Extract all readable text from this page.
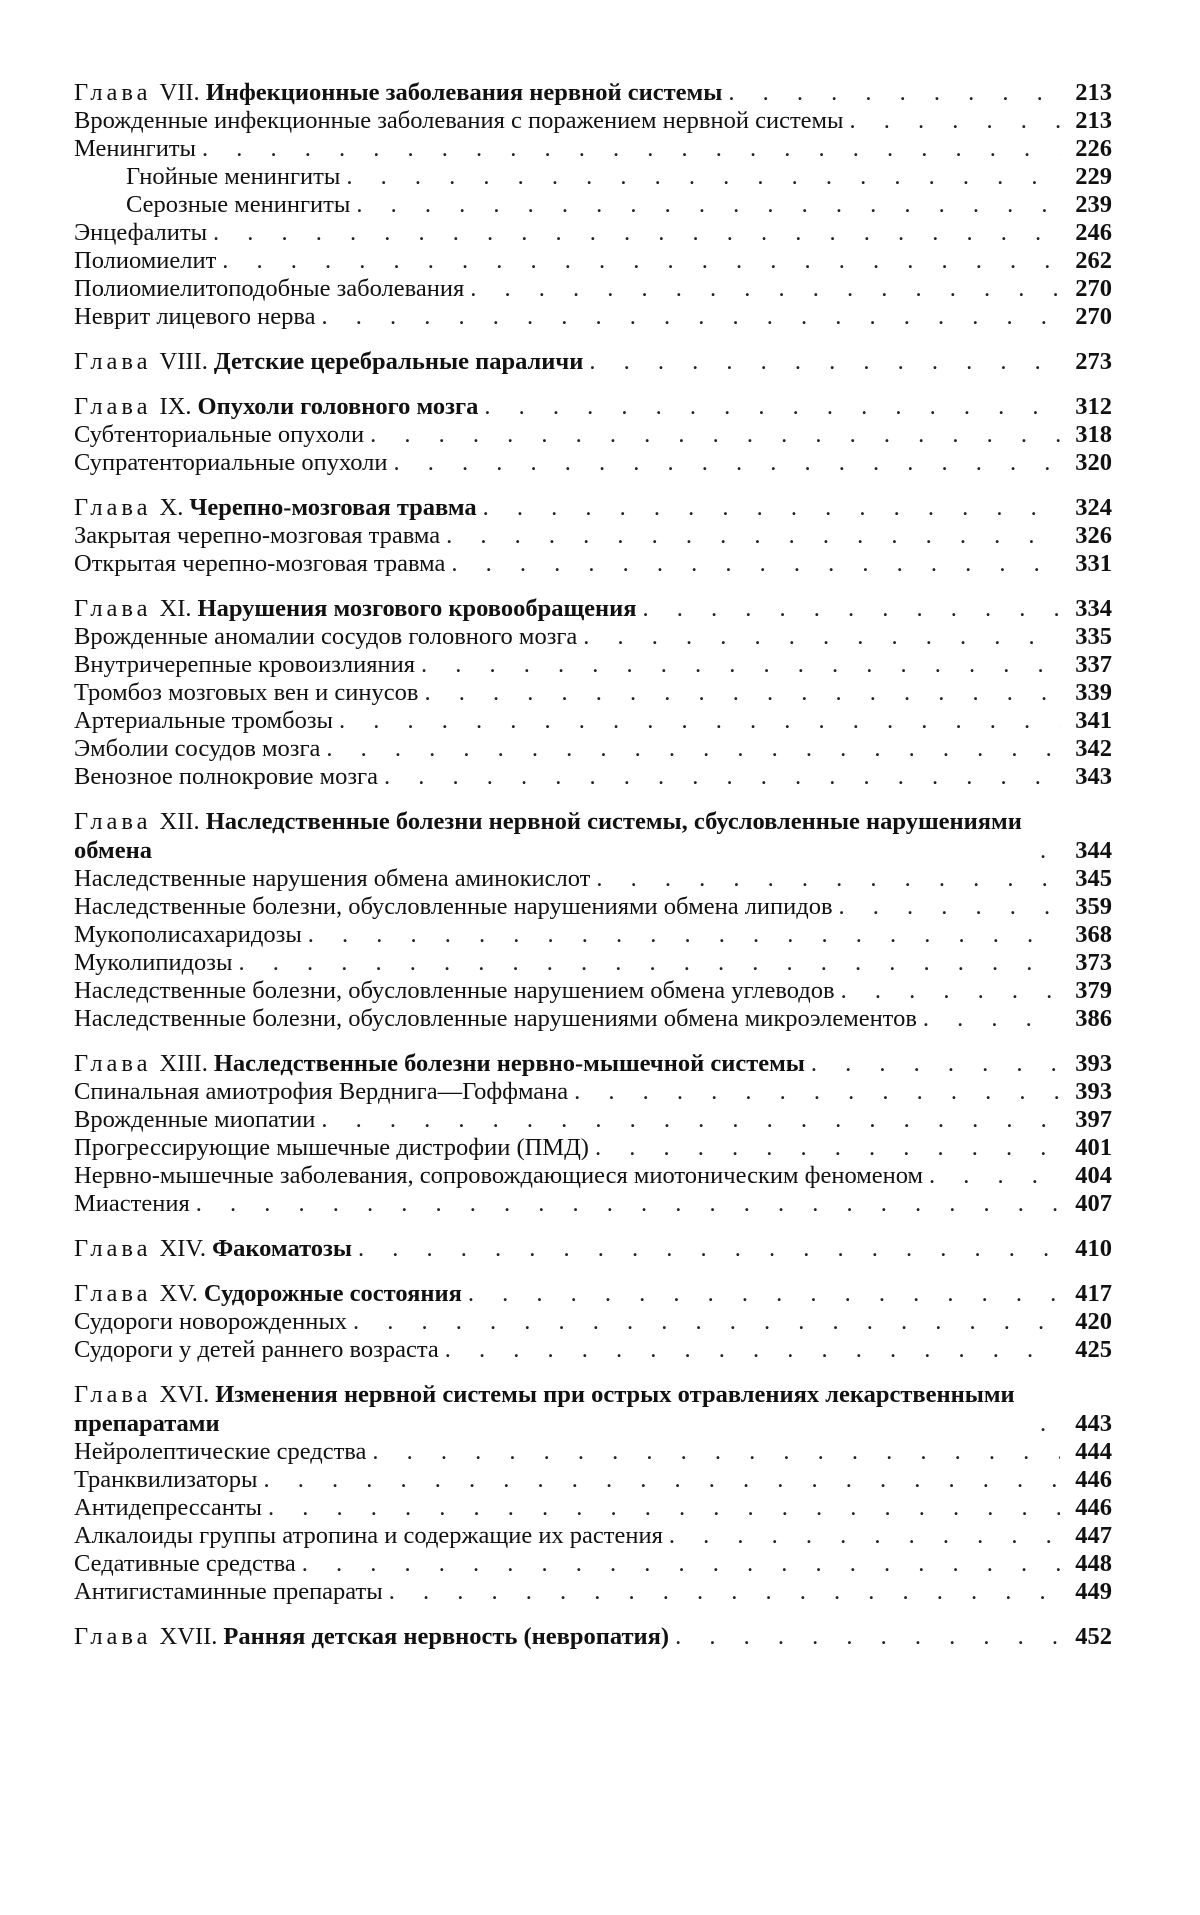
Глава VII. Инфекционные заболевания нервной системы . . .	213
Врожденные инфекционные заболевания с поражением нервной системы . . .	213
Менингиты . . .	226
Гнойные менингиты . . .	229
Серозные менингиты . . .	239
Энцефалиты . . .	246
Полиомиелит . . .	262
Полиомиелитоподобные заболевания . . .	270
Неврит лицевого нерва . . .	270
Глава VIII. Детские церебральные параличи . . .	273
Глава IX. Опухоли головного мозга . . .	312
Субтенториальные опухоли . . .	318
Супратенториальные опухоли . . .	320
Глава X. Черепно-мозговая травма . . .	324
Закрытая черепно-мозговая травма . . .	326
Открытая черепно-мозговая травма . . .	331
Глава XI. Нарушения мозгового кровообращения . . .	334
Врожденные аномалии сосудов головного мозга . . .	335
Внутричерепные кровоизлияния . . .	337
Тромбоз мозговых вен и синусов . . .	339
Артериальные тромбозы . . .	341
Эмболии сосудов мозга . . .	342
Венозное полнокровие мозга . . .	343
Глава XII. Наследственные болезни нервной системы, сбусловленные нарушениями обмена . . .	344
Наследственные нарушения обмена аминокислот . . .	345
Наследственные болезни, обусловленные нарушениями обмена липидов . . .	359
Мукополисахаридозы . . .	368
Муколипидозы . . .	373
Наследственные болезни, обусловленные нарушением обмена углеводов . . .	379
Наследственные болезни, обусловленные нарушениями обмена микроэлементов . . .	386
Глава XIII. Наследственные болезни нервно-мышечной системы . . .	393
Спинальная амиотрофия Верднига—Гоффмана . . .	393
Врожденные миопатии . . .	397
Прогрессирующие мышечные дистрофии (ПМД) . . .	401
Нервно-мышечные заболевания, сопровождающиеся миотоническим феноменом . . .	404
Миастения . . .	407
Глава XIV. Факоматозы . . .	410
Глава XV. Судорожные состояния . . .	417
Судороги новорожденных . . .	420
Судороги у детей раннего возраста . . .	425
Глава XVI. Изменения нервной системы при острых отравлениях лекарственными препаратами . . .	443
Нейролептические средства . . .	444
Транквилизаторы . . .	446
Антидепрессанты . . .	446
Алкалоиды группы атропина и содержащие их растения . . .	447
Седативные средства . . .	448
Антигистаминные препараты . . .	449
Глава XVII. Ранняя детская нервность (невропатия) . . .	452
